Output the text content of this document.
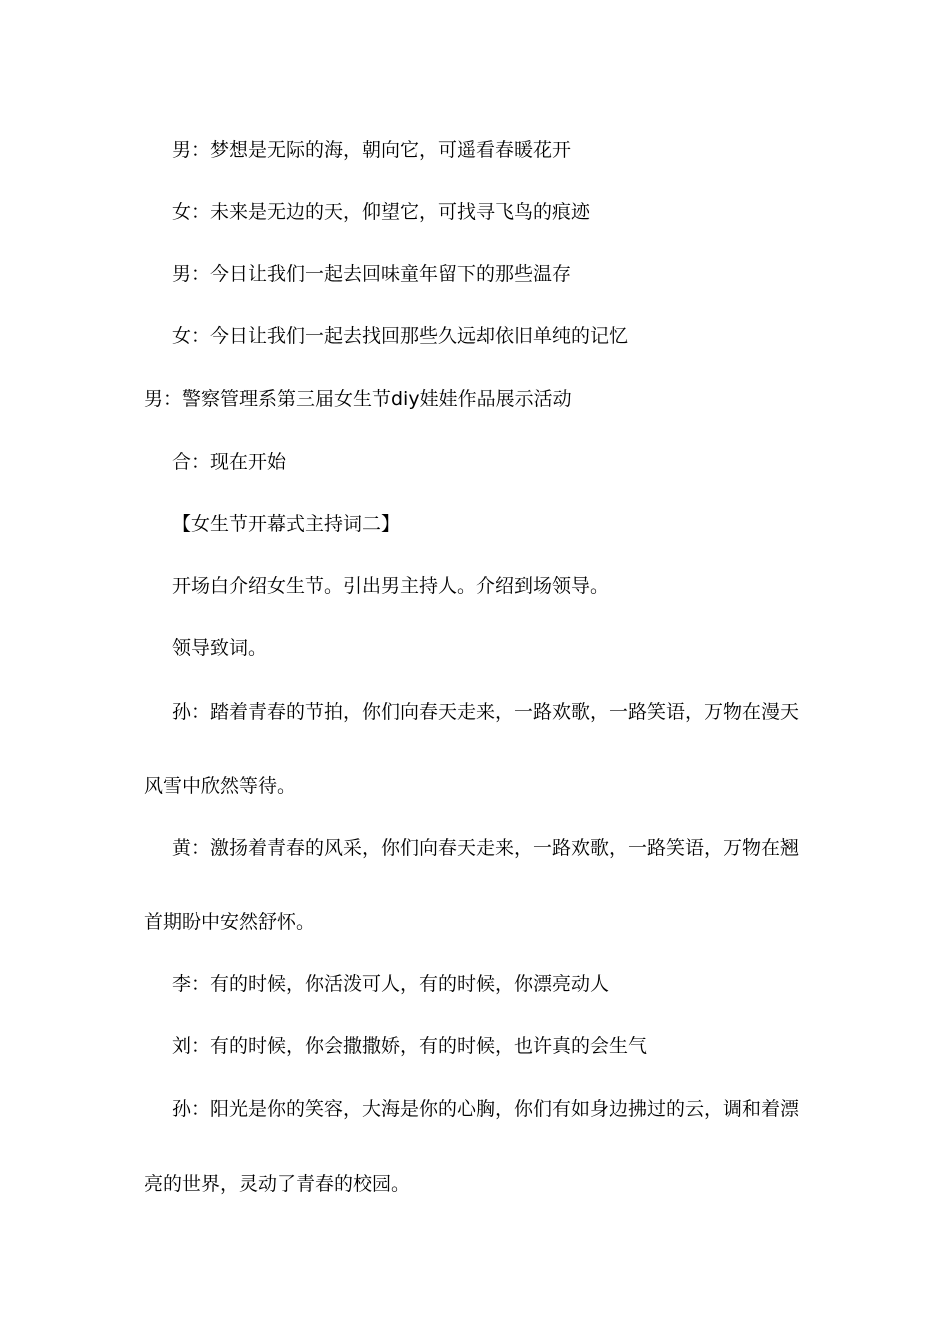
男：梦想是无际的海，朝向它，可遥看春暖花开
女：未来是无边的天，仰望它，可找寻飞鸟的痕迹
男：今日让我们一起去回味童年留下的那些温存
女：今日让我们一起去找回那些久远却依旧单纯的记忆
男：警察管理系第三届女生节diy娃娃作品展示活动
合：现在开始
【女生节开幕式主持词二】
开场白介绍女生节。引出男主持人。介绍到场领导。
领导致词。
孙：踏着青春的节拍，你们向春天走来，一路欢歌，一路笑语，万物在漫天
风雪中欣然等待。
黄：激扬着青春的风采，你们向春天走来，一路欢歌，一路笑语，万物在翘
首期盼中安然舒怀。
李：有的时候，你活泼可人，有的时候，你漂亮动人
刘：有的时候，你会撒撒娇，有的时候，也许真的会生气
孙：阳光是你的笑容，大海是你的心胸，你们有如身边拂过的云，调和着漂
亮的世界，灵动了青春的校园。
